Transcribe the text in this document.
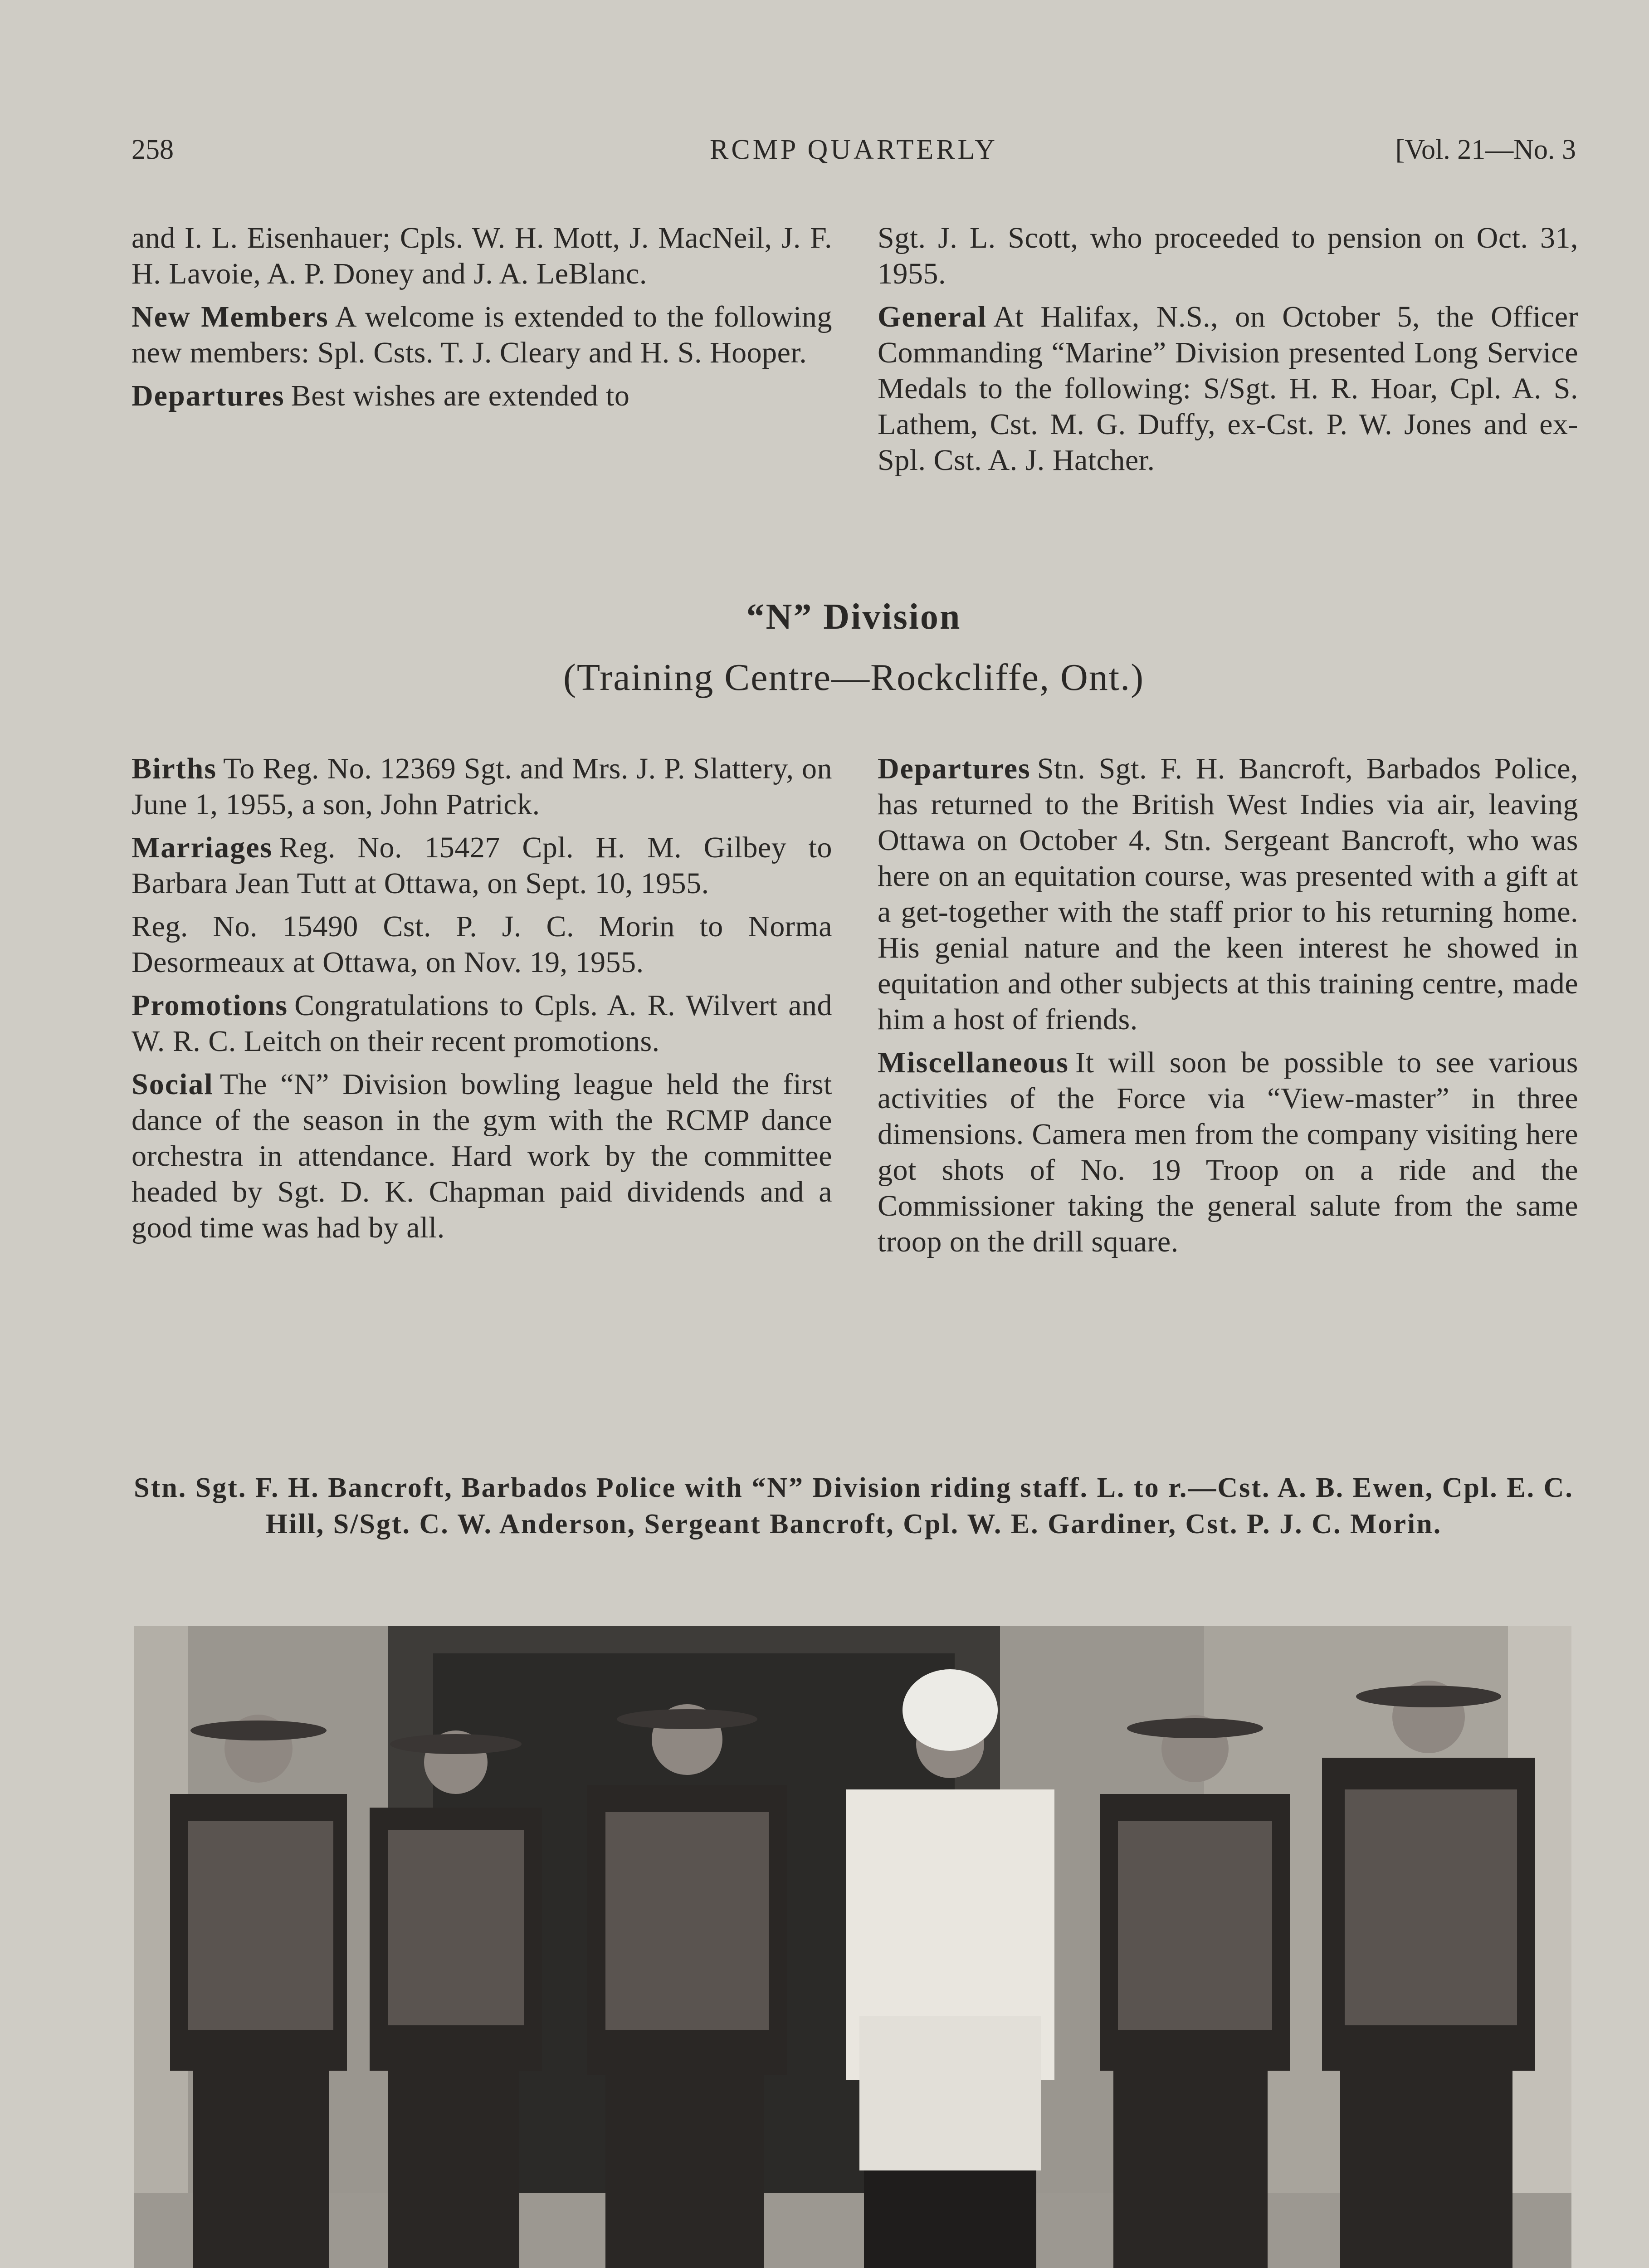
258	RCMP QUARTERLY	[Vol. 21—No. 3

and I. L. Eisenhauer; Cpls. W. H. Mott, J. MacNeil, J. F. H. Lavoie, A. P. Doney and J. A. LeBlanc.

New Members A welcome is extended to the following new members: Spl. Csts. T. J. Cleary and H. S. Hooper.

Departures Best wishes are extended to

Sgt. J. L. Scott, who proceeded to pension on Oct. 31, 1955.

General At Halifax, N.S., on October 5, the Officer Commanding “Marine” Division presented Long Service Medals to the following: S/Sgt. H. R. Hoar, Cpl. A. S. Lathem, Cst. M. G. Duffy, ex-Cst. P. W. Jones and ex-Spl. Cst. A. J. Hatcher.

“N” Division
(Training Centre—Rockcliffe, Ont.)

Births To Reg. No. 12369 Sgt. and Mrs. J. P. Slattery, on June 1, 1955, a son, John Patrick.

Marriages Reg. No. 15427 Cpl. H. M. Gilbey to Barbara Jean Tutt at Ottawa, on Sept. 10, 1955.

Reg. No. 15490 Cst. P. J. C. Morin to Norma Desormeaux at Ottawa, on Nov. 19, 1955.

Promotions Congratulations to Cpls. A. R. Wilvert and W. R. C. Leitch on their recent promotions.

Social The “N” Division bowling league held the first dance of the season in the gym with the RCMP dance orchestra in attendance. Hard work by the committee headed by Sgt. D. K. Chapman paid dividends and a good time was had by all.

Departures Stn. Sgt. F. H. Bancroft, Barbados Police, has returned to the British West Indies via air, leaving Ottawa on October 4. Stn. Sergeant Bancroft, who was here on an equitation course, was presented with a gift at a get-together with the staff prior to his returning home. His genial nature and the keen interest he showed in equitation and other subjects at this training centre, made him a host of friends.

Miscellaneous It will soon be possible to see various activities of the Force via “View-master” in three dimensions. Camera men from the company visiting here got shots of No. 19 Troop on a ride and the Commissioner taking the general salute from the same troop on the drill square.

Stn. Sgt. F. H. Bancroft, Barbados Police with “N” Division riding staff. L. to r.—Cst. A. B. Ewen, Cpl. E. C. Hill, S/Sgt. C. W. Anderson, Sergeant Bancroft, Cpl. W. E. Gardiner, Cst. P. J. C. Morin.
